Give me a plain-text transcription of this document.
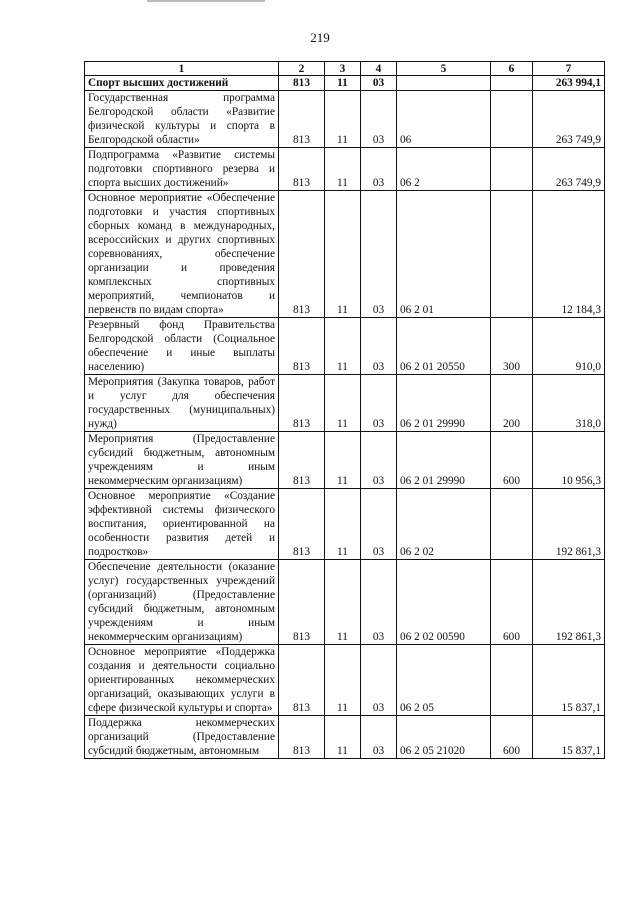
219
1	2	3	4	5	6	7
Спорт высших достижений	813	11	03			263 994,1
Государственная программа Белгородской области «Развитие физической культуры и спорта в Белгородской области»	813	11	03	06		263 749,9
Подпрограмма «Развитие системы подготовки спортивного резерва и спорта высших достижений»	813	11	03	06 2		263 749,9
Основное мероприятие «Обеспечение подготовки и участия спортивных сборных команд в международных, всероссийских и других спортивных соревнованиях, обеспечение организации и проведения комплексных спортивных мероприятий, чемпионатов и первенств по видам спорта»	813	11	03	06 2 01		12 184,3
Резервный фонд Правительства Белгородской области (Социальное обеспечение и иные выплаты населению)	813	11	03	06 2 01 20550	300	910,0
Мероприятия (Закупка товаров, работ и услуг для обеспечения государственных (муниципальных) нужд)	813	11	03	06 2 01 29990	200	318,0
Мероприятия (Предоставление субсидий бюджетным, автономным учреждениям и иным некоммерческим организациям)	813	11	03	06 2 01 29990	600	10 956,3
Основное мероприятие «Создание эффективной системы физического воспитания, ориентированной на особенности развития детей и подростков»	813	11	03	06 2 02		192 861,3
Обеспечение деятельности (оказание услуг) государственных учреждений (организаций) (Предоставление субсидий бюджетным, автономным учреждениям и иным некоммерческим организациям)	813	11	03	06 2 02 00590	600	192 861,3
Основное мероприятие «Поддержка создания и деятельности социально ориентированных некоммерческих организаций, оказывающих услуги в сфере физической культуры и спорта»	813	11	03	06 2 05		15 837,1
Поддержка некоммерческих организаций (Предоставление субсидий бюджетным, автономным	813	11	03	06 2 05 21020	600	15 837,1
